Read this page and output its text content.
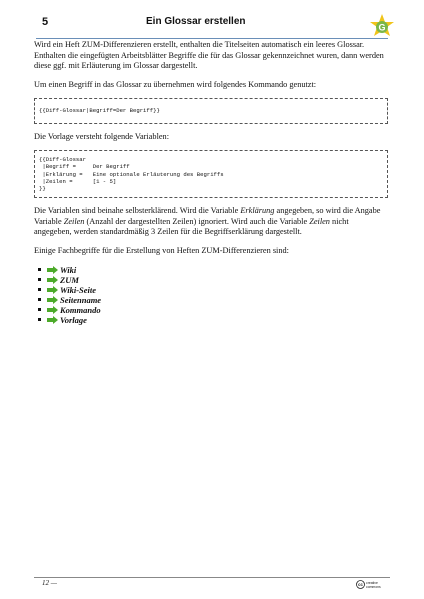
5	Ein Glossar erstellen
G

Wird ein Heft ZUM-Differenzieren erstellt, enthalten die Titelseiten automatisch ein leeres Glossar. Enthalten die eingefügten Arbeitsblätter Begriffe die für das Glossar gekennzeichnet wuren, dann werden diese ggf. mit Erläuterung im Glossar dargestellt.

Um einen Begriff in das Glossar zu übernehmen wird folgendes Kommando genutzt:

{{Diff-Glossar|Begriff=Der Begriff}}

Die Vorlage versteht folgende Variablen:

{{Diff-Glossar
|Begriff =     Der Begriff
|Erklärung =   Eine optionale Erläuterung des Begriffs
|Zeilen =      [1 - 5]
}}

Die Variablen sind beinahe selbsterklärend. Wird die Variable Erklärung angegeben, so wird die Angabe Variable Zeilen (Anzahl der dargestellten Zeilen) ignoriert. Wird auch die Variable Zeilen nicht angegeben, werden standardmäßig 3 Zeilen für die Begriffserklärung dargestellt.

Einige Fachbegriffe für die Erstellung von Heften ZUM-Differenzieren sind:

Wiki
ZUM
Wiki-Seite
Seitenname
Kommando
Vorlage
12 —	cc creative
commons
